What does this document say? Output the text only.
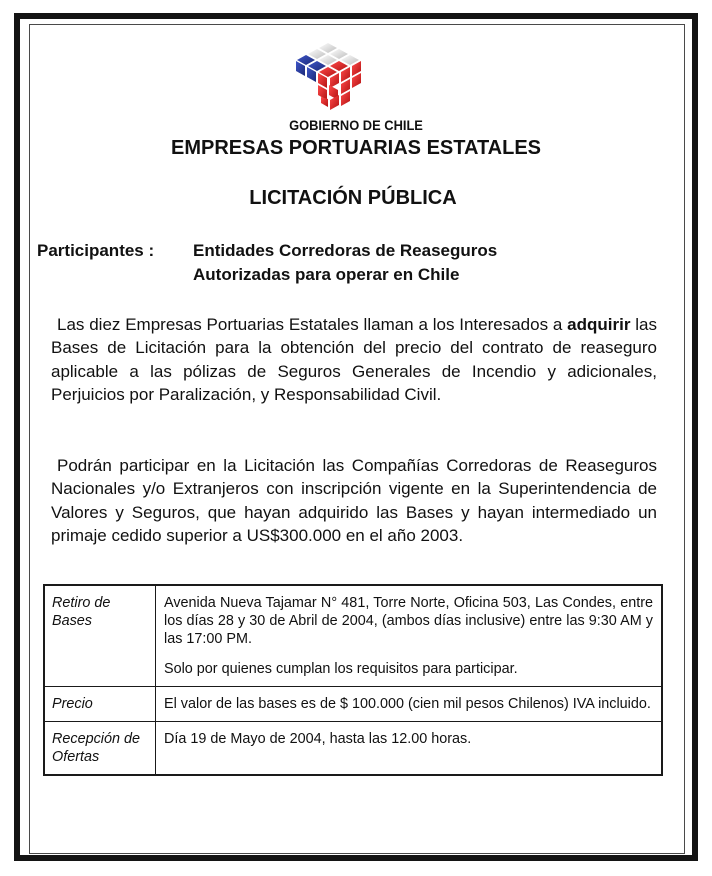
GOBIERNO DE CHILE
EMPRESAS PORTUARIAS ESTATALES
LICITACIÓN PÚBLICA
Participantes : Entidades Corredoras de Reaseguros
Autorizadas para operar en Chile
Las diez Empresas Portuarias Estatales llaman a los Interesados a adquirir las Bases de Licitación para la obtención del precio del contrato de reaseguro aplicable a las pólizas de Seguros Generales de Incendio y adicionales, Perjuicios por Paralización, y Responsabilidad Civil.
Podrán participar en la Licitación las Compañías Corredoras de Reaseguros Nacionales y/o Extranjeros con inscripción vigente en la Superintendencia de Valores y Seguros, que hayan adquirido las Bases y hayan intermediado un primaje cedido superior a US$300.000 en el año 2003.
Retiro de Bases	Avenida Nueva Tajamar N° 481, Torre Norte, Oficina 503, Las Condes, entre los días 28 y 30 de Abril de 2004, (ambos días inclusive) entre las 9:30 AM y las 17:00 PM.
Solo por quienes cumplan los requisitos para participar.

Precio	El valor de las bases es de $ 100.000 (cien mil pesos Chilenos) IVA incluido.
Recepción de Ofertas	Día 19 de Mayo de 2004, hasta las 12.00 horas.
